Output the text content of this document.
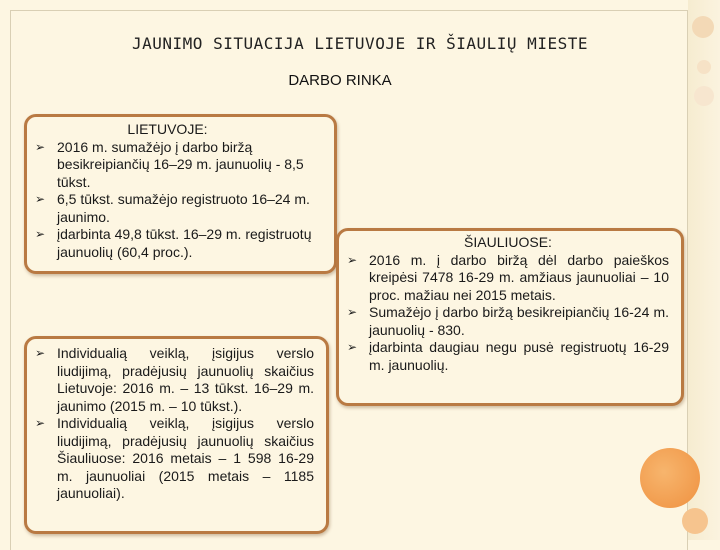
JAUNIMO SITUACIJA LIETUVOJE IR ŠIAULIŲ MIESTE
DARBO RINKA
LIETUVOJE:
➢ 2016 m. sumažėjo į darbo biržą besikreipiančių 16–29 m. jaunuolių - 8,5 tūkst.
➢ 6,5 tūkst. sumažėjo registruoto 16–24 m. jaunimo.
➢ įdarbinta 49,8 tūkst. 16–29 m. registruotų jaunuolių (60,4 proc.).
➢ Individualią veiklą, įsigijus verslo liudijimą, pradėjusių jaunuolių skaičius Lietuvoje: 2016 m. – 13 tūkst. 16–29 m. jaunimo (2015 m. – 10 tūkst.).
➢ Individualią veiklą, įsigijus verslo liudijimą, pradėjusių jaunuolių skaičius Šiauliuose: 2016 metais – 1 598 16-29 m. jaunuoliai (2015 metais – 1185 jaunuoliai).
ŠIAULIUOSE:
➢ 2016 m. į darbo biržą dėl darbo paieškos kreipėsi 7478 16-29 m. amžiaus jaunuoliai – 10 proc. mažiau nei 2015 metais.
➢ Sumažėjo į darbo biržą besikreipiančių 16-24 m. jaunuolių - 830.
➢ įdarbinta daugiau negu pusė registruotų 16-29 m. jaunuolių.
